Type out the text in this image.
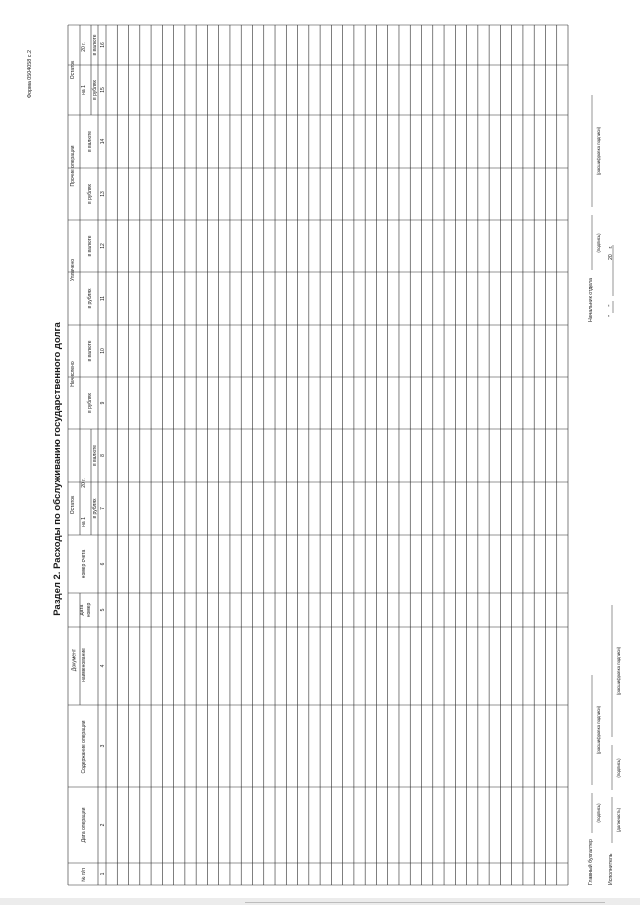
Форма 0504058 с.2
Раздел 2. Расходы по обслуживанию государственного долга
Документ
Остаток
Начислено
Уплачено
Прочие операции
Остаток
на 1
20 г.
на 1
20 г.
№ п/п
Дата операции
Содержание операции
наименование
дата номер
номер счета
в рублях
в валюте
в рублях
в валюте
в рублях
в валюте
в рублях
в валюте
в рублях
в валюте
1
2
3
4
5
6
7
8
9
10
11
12
13
14
15
16
Главный бухгалтер
(подпись)
(расшифровка подписи)
Исполнитель
(должность)
(подпись)
(расшифровка подписи)
Начальник отдела
(подпись)
(расшифровка подписи)
"      "                               20    г.
